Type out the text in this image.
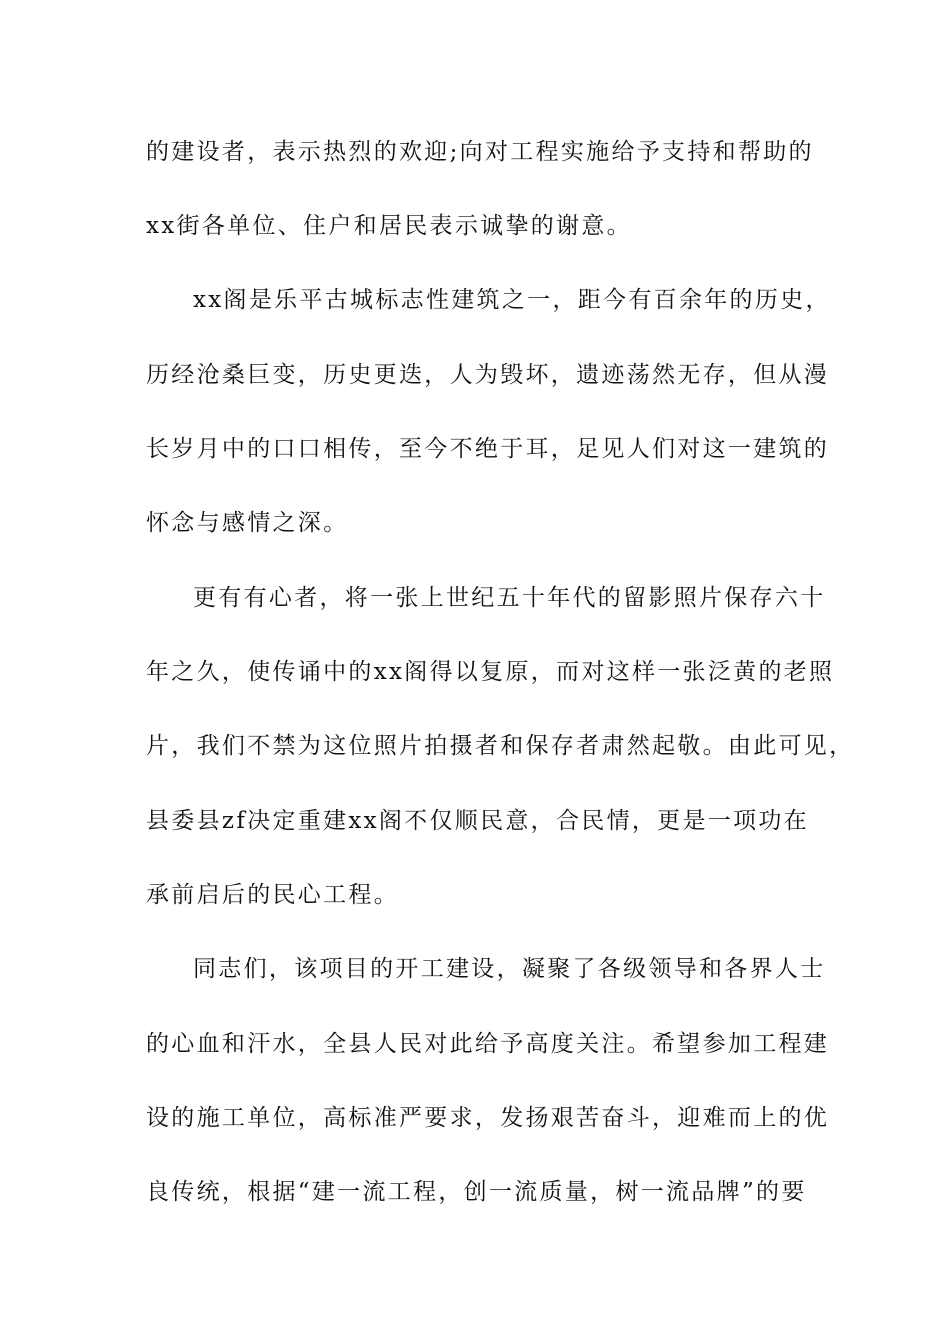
的建设者，表示热烈的欢迎;向对工程实施给予支持和帮助的
xx街各单位、住户和居民表示诚挚的谢意。
xx阁是乐平古城标志性建筑之一，距今有百余年的历史，
历经沧桑巨变，历史更迭，人为毁坏，遗迹荡然无存，但从漫
长岁月中的口口相传，至今不绝于耳，足见人们对这一建筑的
怀念与感情之深。
更有有心者，将一张上世纪五十年代的留影照片保存六十
年之久，使传诵中的xx阁得以复原，而对这样一张泛黄的老照
片，我们不禁为这位照片拍摄者和保存者肃然起敬。由此可见，
县委县zf决定重建xx阁不仅顺民意，合民情，更是一项功在
承前启后的民心工程。
同志们，该项目的开工建设，凝聚了各级领导和各界人士
的心血和汗水，全县人民对此给予高度关注。希望参加工程建
设的施工单位，高标准严要求，发扬艰苦奋斗，迎难而上的优
良传统，根据“建一流工程，创一流质量，树一流品牌”的要
